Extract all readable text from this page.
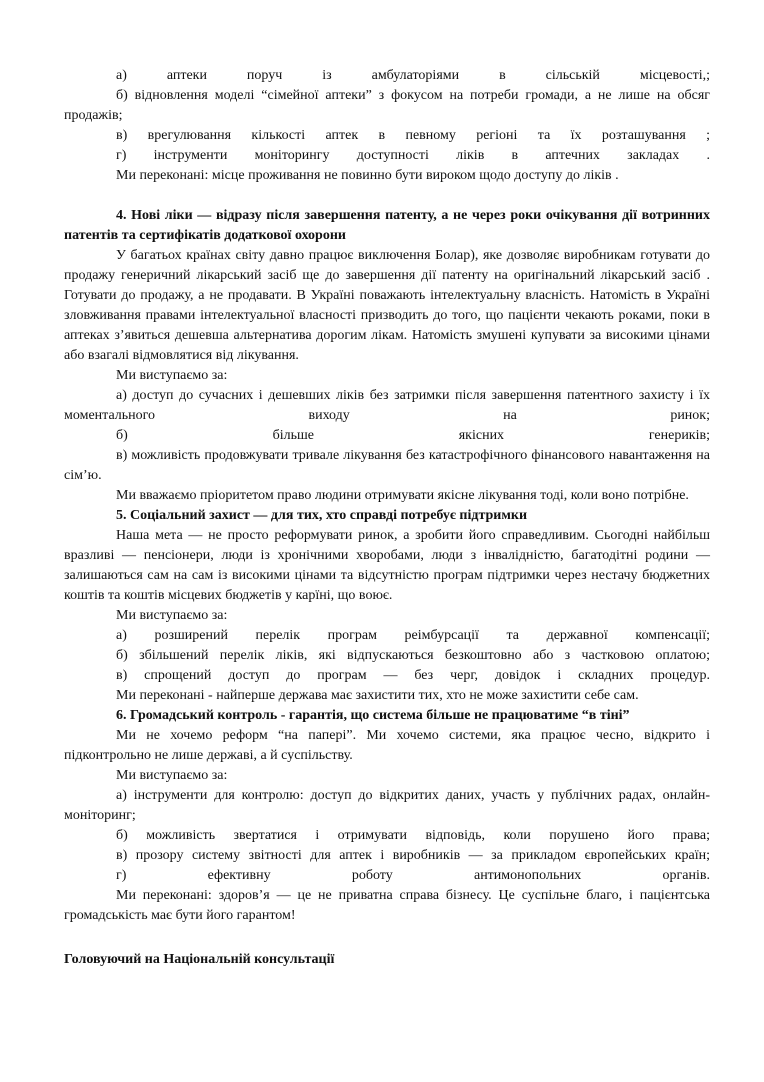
а) аптеки поруч із амбулаторіями в сільській місцевості,;

б) відновлення моделі “сімейної аптеки” з фокусом на потреби громади, а не лише на обсяг продажів;

в) врегулювання кількості аптек в певному регіоні та їх розташування ;

г) інструменти моніторингу доступності ліків в аптечних закладах .

Ми переконані: місце проживання не повинно бути вироком щодо доступу до ліків .

4. Нові ліки — відразу після завершення патенту, а не через роки очікування дії вотринних патентів та сертифікатів додаткової охорони

У багатьох країнах світу давно працює виключення Болар), яке дозволяє виробникам готувати до продажу генеричний лікарський засіб ще до завершення дії патенту на оригінальний лікарський засіб . Готувати до продажу, а не продавати. В Україні поважають інтелектуальну власність. Натомість в Україні зловживання правами інтелектуальної власності призводить до того, що пацієнти чекають роками, поки в аптеках з’явиться дешевша альтернатива дорогим лікам. Натомість змушені купувати за високими цінами або взагалі відмовлятися від лікування.

Ми виступаємо за:

а) доступ до сучасних і дешевших ліків без затримки після завершення патентного захисту і їх моментального виходу на ринок;

б) більше якісних генериків;

в) можливість продовжувати тривале лікування без катастрофічного фінансового навантаження на сім’ю.

Ми вважаємо пріоритетом право людини отримувати якісне лікування тоді, коли воно потрібне.

5. Соціальний захист — для тих, хто справді потребує підтримки

Наша мета — не просто реформувати ринок, а зробити його справедливим. Сьогодні найбільш вразливі — пенсіонери, люди із хронічними хворобами, люди з інвалідністю, багатодітні родини — залишаються сам на сам із високими цінами та відсутністю програм підтримки через нестачу бюджетних коштів та коштів місцевих бюджетів у карїні, що воює.

Ми виступаємо за:

а) розширений перелік програм реімбурсації та державної компенсації;

б) збільшений перелік ліків, які відпускаються безкоштовно або з частковою оплатою;

в) спрощений доступ до програм — без черг, довідок і складних процедур.

Ми переконані - найперше держава має захистити тих, хто не може захистити себе сам.

6. Громадський контроль - гарантія, що система більше не працюватиме “в тіні”

Ми не хочемо реформ “на папері”. Ми хочемо системи, яка працює чесно, відкрито і підконтрольно не лише державі, а й суспільству.

Ми виступаємо за:

а) інструменти для контролю: доступ до відкритих даних, участь у публічних радах, онлайн-моніторинг;

б) можливість звертатися і отримувати відповідь, коли порушено його права;

в) прозору систему звітності для аптек і виробників — за прикладом європейських країн;

г) ефективну роботу антимонопольних органів.

Ми переконані: здоров’я — це не приватна справа бізнесу. Це суспільне благо, і пацієнтська громадськість має бути його гарантом!

Головуючий на Національній консультації
